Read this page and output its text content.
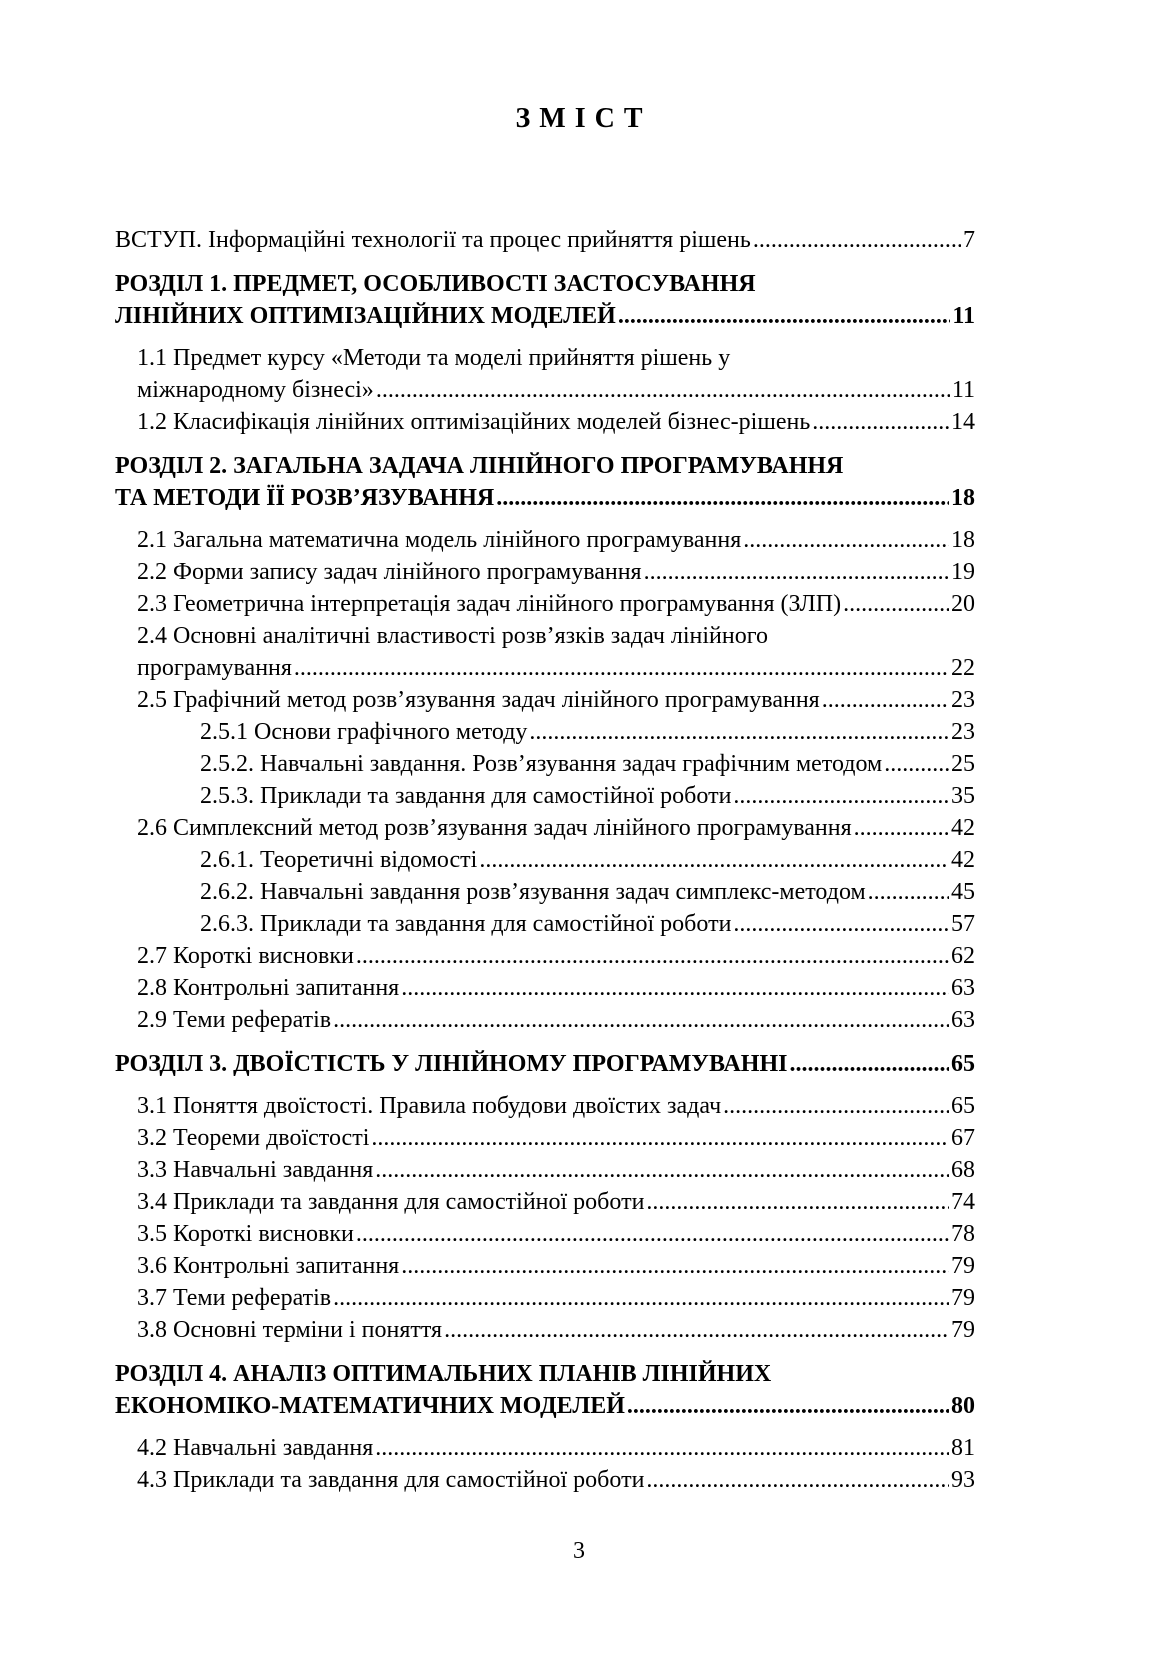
ЗМІСТ
ВСТУП. Інформаційні технології та процес прийняття рішень .....	7
РОЗДІЛ 1. ПРЕДМЕТ, ОСОБЛИВОСТІ ЗАСТОСУВАННЯ
ЛІНІЙНИХ ОПТИМІЗАЦІЙНИХ МОДЕЛЕЙ .....	11
1.1 Предмет курсу «Методи та моделі прийняття рішень у
міжнародному бізнесі» .....	11
1.2 Класифікація лінійних оптимізаційних моделей бізнес-рішень .....	14
РОЗДІЛ 2. ЗАГАЛЬНА ЗАДАЧА ЛІНІЙНОГО ПРОГРАМУВАННЯ
ТА МЕТОДИ ЇЇ РОЗВ’ЯЗУВАННЯ .....	18
2.1 Загальна математична модель лінійного програмування .....	18
2.2 Форми запису задач лінійного програмування .....	19
2.3 Геометрична інтерпретація задач лінійного програмування (ЗЛП) .....	20
2.4 Основні аналітичні властивості розв’язків задач лінійного
програмування .....	22
2.5 Графічний метод розв’язування задач лінійного програмування .....	23
2.5.1 Основи графічного методу .....	23
2.5.2. Навчальні завдання. Розв’язування задач графічним методом .....	25
2.5.3. Приклади та завдання для самостійної роботи .....	35
2.6 Симплексний метод розв’язування задач лінійного програмування .....	42
2.6.1. Теоретичні відомості .....	42
2.6.2. Навчальні завдання розв’язування задач симплекс-методом .....	45
2.6.3. Приклади та завдання для самостійної роботи .....	57
2.7 Короткі висновки .....	62
2.8 Контрольні запитання .....	63
2.9 Теми рефератів .....	63
РОЗДІЛ 3. ДВОЇСТІСТЬ У ЛІНІЙНОМУ ПРОГРАМУВАННІ .....	65
3.1 Поняття двоїстості. Правила побудови двоїстих задач .....	65
3.2 Теореми двоїстості .....	67
3.3 Навчальні завдання .....	68
3.4 Приклади та завдання для самостійної роботи .....	74
3.5 Короткі висновки .....	78
3.6 Контрольні запитання .....	79
3.7 Теми рефератів .....	79
3.8 Основні терміни і поняття .....	79
РОЗДІЛ 4. АНАЛІЗ ОПТИМАЛЬНИХ ПЛАНІВ ЛІНІЙНИХ
ЕКОНОМІКО-МАТЕМАТИЧНИХ МОДЕЛЕЙ .....	80
4.2 Навчальні завдання .....	81
4.3 Приклади та завдання для самостійної роботи .....	93
3
